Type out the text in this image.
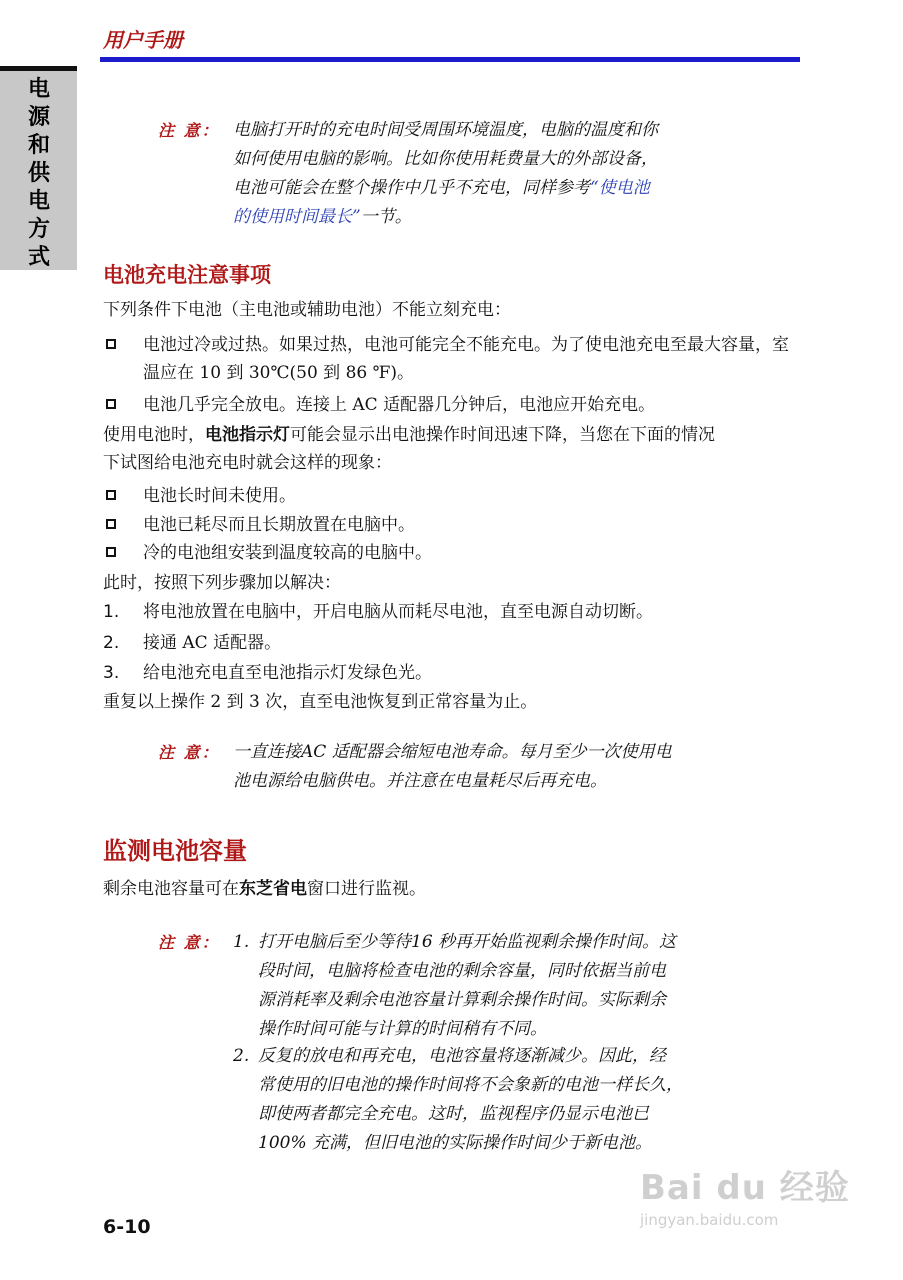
用户手册
电源和供电方式
注 意： 电脑打开时的充电时间受周围环境温度，电脑的温度和你
如何使用电脑的影响。比如你使用耗费量大的外部设备，
电池可能会在整个操作中几乎不充电，同样参考“使电池
的使用时间最长”一节。
电池充电注意事项
下列条件下电池（主电池或辅助电池）不能立刻充电：
电池过冷或过热。如果过热，电池可能完全不能充电。为了使电池充电至最大容量，室温应在 10 到 30℃(50 到 86 ℉)。
电池几乎完全放电。连接上 AC 适配器几分钟后，电池应开始充电。
使用电池时，电池指示灯可能会显示出电池操作时间迅速下降，当您在下面的情况
下试图给电池充电时就会这样的现象：
电池长时间未使用。
电池已耗尽而且长期放置在电脑中。
冷的电池组安装到温度较高的电脑中。
此时，按照下列步骤加以解决：
1. 将电池放置在电脑中，开启电脑从而耗尽电池，直至电源自动切断。
2. 接通 AC 适配器。
3. 给电池充电直至电池指示灯发绿色光。
重复以上操作 2 到 3 次，直至电池恢复到正常容量为止。
注 意： 一直连接AC 适配器会缩短电池寿命。每月至少一次使用电
池电源给电脑供电。并注意在电量耗尽后再充电。
监测电池容量
剩余电池容量可在东芝省电窗口进行监视。
注 意： 1. 打开电脑后至少等待16 秒再开始监视剩余操作时间。这
段时间，电脑将检查电池的剩余容量，同时依据当前电
源消耗率及剩余电池容量计算剩余操作时间。实际剩余
操作时间可能与计算的时间稍有不同。
2. 反复的放电和再充电，电池容量将逐渐减少。因此，经
常使用的旧电池的操作时间将不会象新的电池一样长久，
即使两者都完全充电。这时，监视程序仍显示电池已
100% 充满，但旧电池的实际操作时间少于新电池。
6-10
Bai du 经验
jingyan.baidu.com
